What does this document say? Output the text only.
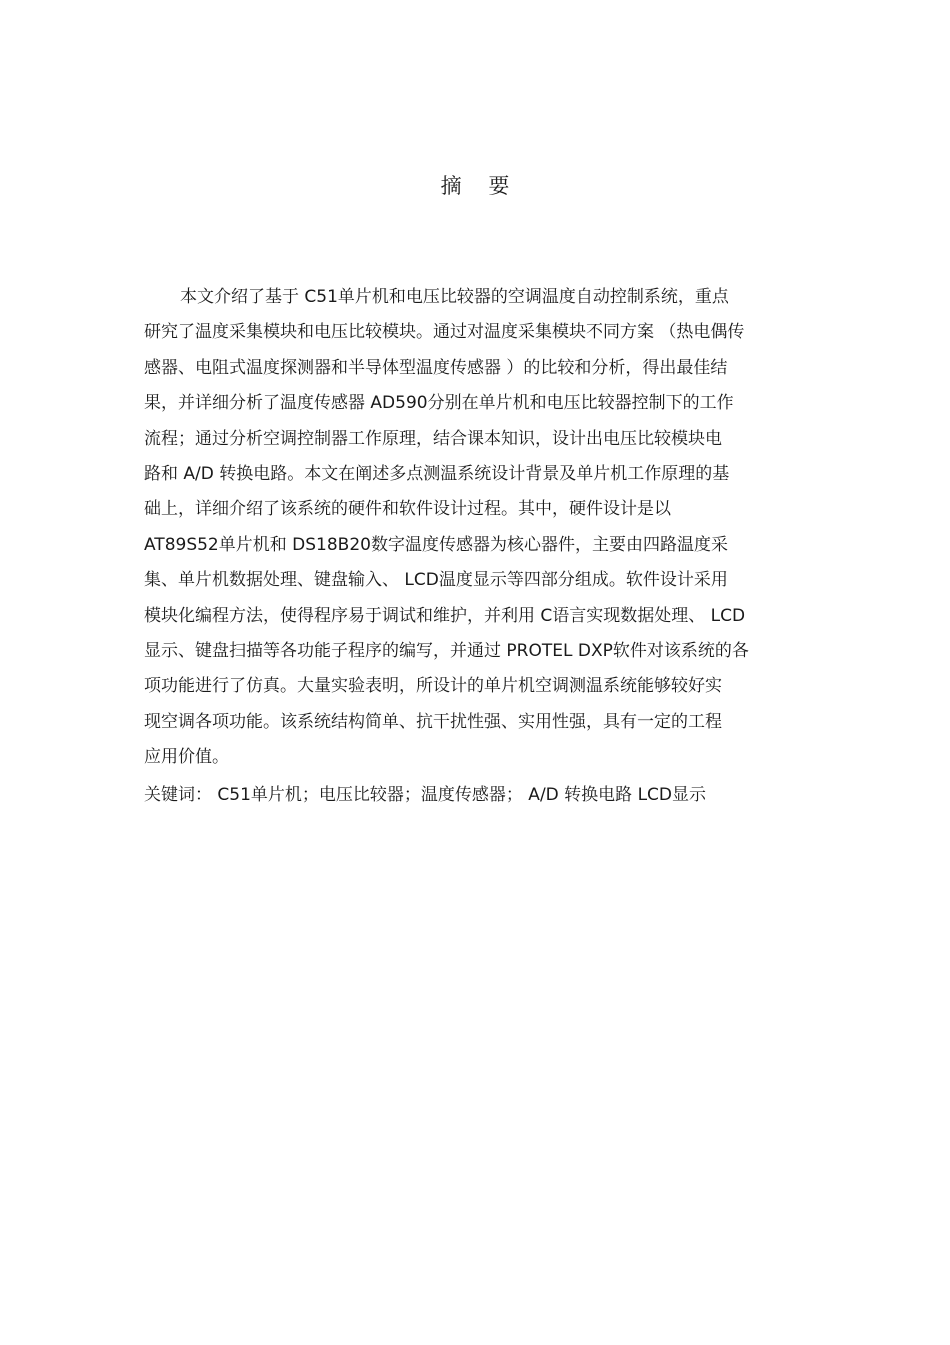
摘 要
本文介绍了基于 C51单片机和电压比较器的空调温度自动控制系统，重点
研究了温度采集模块和电压比较模块。通过对温度采集模块不同方案 （热电偶传
感器、电阻式温度探测器和半导体型温度传感器 ）的比较和分析，得出最佳结
果，并详细分析了温度传感器 AD590分别在单片机和电压比较器控制下的工作
流程；通过分析空调控制器工作原理，结合课本知识，设计出电压比较模块电
路和 A/D 转换电路。本文在阐述多点测温系统设计背景及单片机工作原理的基
础上，详细介绍了该系统的硬件和软件设计过程。其中，硬件设计是以
AT89S52单片机和 DS18B20数字温度传感器为核心器件，主要由四路温度采
集、单片机数据处理、键盘输入、 LCD温度显示等四部分组成。软件设计采用
模块化编程方法，使得程序易于调试和维护，并利用 C语言实现数据处理、 LCD
显示、键盘扫描等各功能子程序的编写，并通过 PROTEL DXP软件对该系统的各
项功能进行了仿真。大量实验表明，所设计的单片机空调测温系统能够较好实
现空调各项功能。该系统结构简单、抗干扰性强、实用性强，具有一定的工程
应用价值。
关键词： C51单片机；电压比较器；温度传感器； A/D 转换电路 LCD显示
